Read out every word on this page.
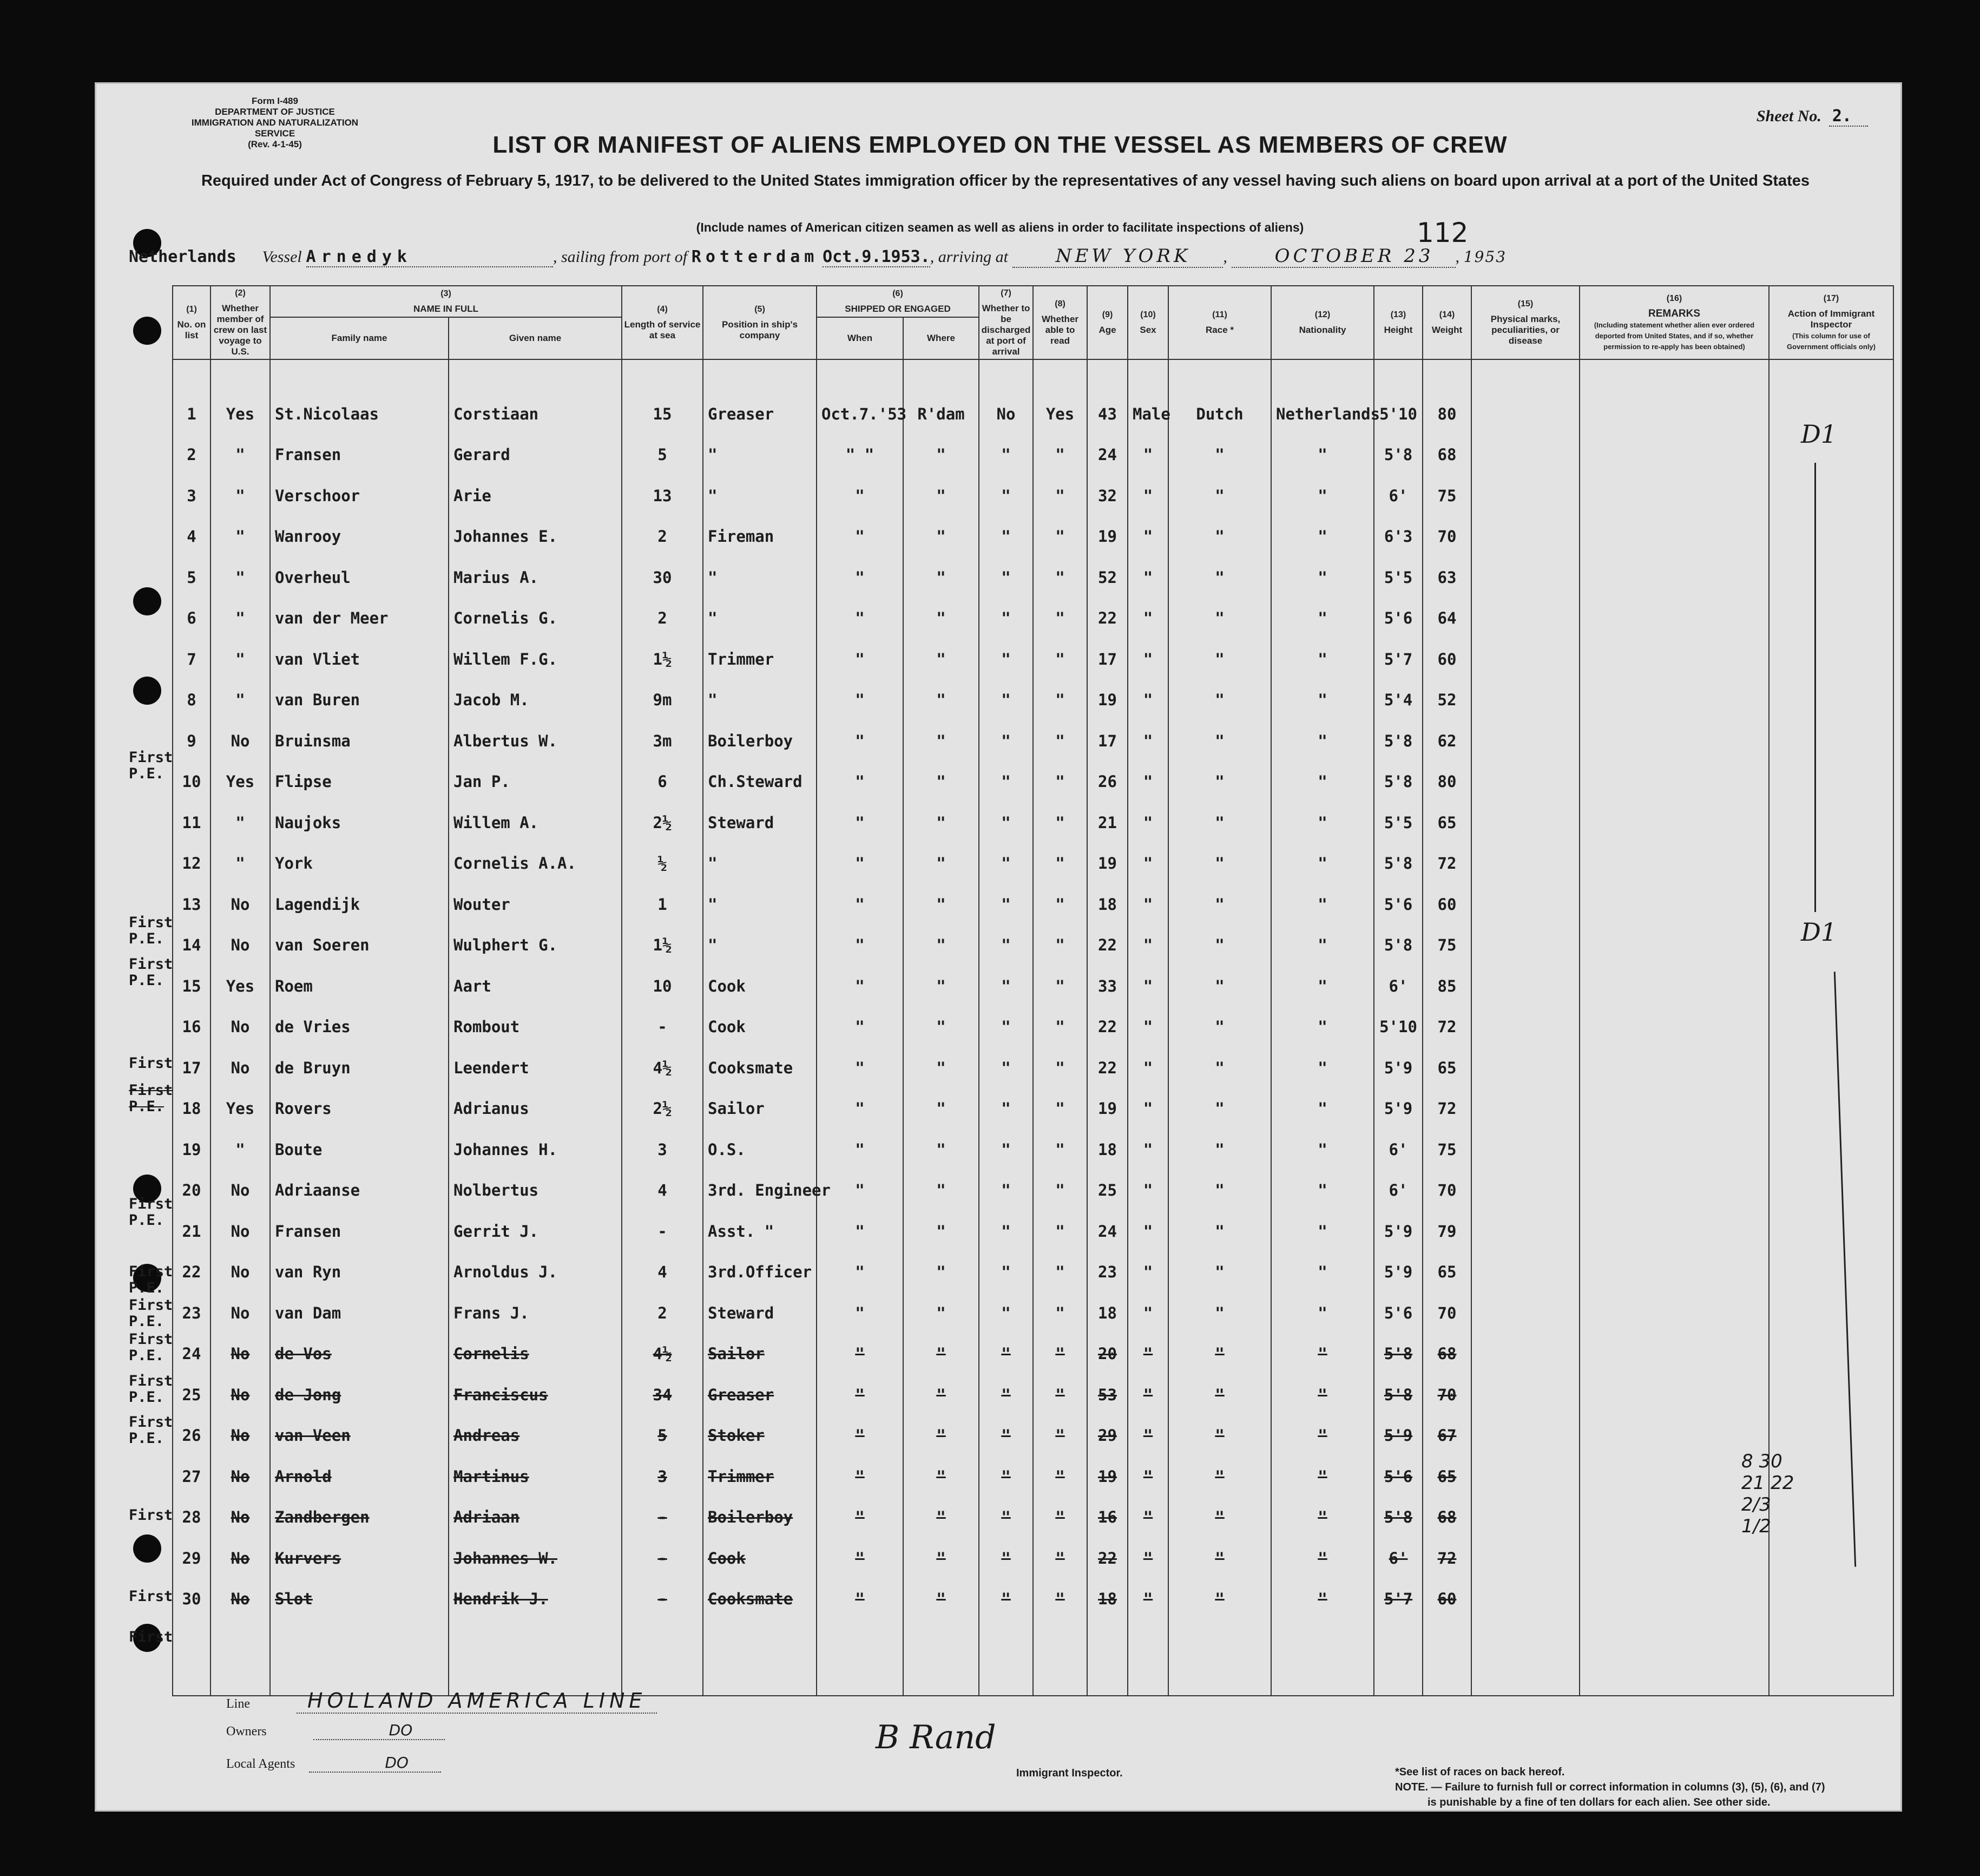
Form I-489
DEPARTMENT OF JUSTICE
IMMIGRATION AND NATURALIZATION SERVICE
(Rev. 4-1-45)
Sheet No. 2.
LIST OR MANIFEST OF ALIENS EMPLOYED ON THE VESSEL AS MEMBERS OF CREW
Required under Act of Congress of February 5, 1917, to be delivered to the United States immigration officer by the representatives of any vessel having such aliens on board upon arrival at a port of the United States
(Include names of American citizen seamen as well as aliens in order to facilitate inspections of aliens)	112
Netherlands Vessel Arnedyk	, sailing from port of Rotterdam Oct.9.1953., arriving at	NEW YORK ,	OCTOBER 23 , 1953
(1)
No. on list	(2)
Whether member of crew on last voyage to U.S.	(3)
NAME IN FULL		(4)
Length of service at sea	(5)
Position in ship's company	(6)
SHIPPED OR ENGAGED		(7)
Whether to be discharged at port of arrival	(8)
Whether able to read	(9)
Age	(10)
Sex	(11)
Race *	(12)
Nationality	(13)
Height	(14)
Weight	(15)
Physical marks, peculiarities, or disease	(16)
REMARKS
(Including statement whether alien ever ordered deported from United States, and if so, whether permission to re-apply has been obtained)	(17)
Action of Immigrant Inspector
(This column for use of Government officials only)
		Family name	Given name			When	Where											

1	Yes	St.Nicolaas	Corstiaan	15	Greaser	Oct.7.'53	R'dam	No	Yes	43	Male	Dutch	Netherlands	5'10	80			
2	"	Fransen	Gerard	5	"	" "	"	"	"	24	"	"	"	5'8	68			
3	"	Verschoor	Arie	13	"	"	"	"	"	32	"	"	"	6'	75			
4	"	Wanrooy	Johannes E.	2	Fireman	"	"	"	"	19	"	"	"	6'3	70			
5	"	Overheul	Marius A.	30	"	"	"	"	"	52	"	"	"	5'5	63			
6	"	van der Meer	Cornelis G.	2	"	"	"	"	"	22	"	"	"	5'6	64			
7	"	van Vliet	Willem F.G.	1½	Trimmer	"	"	"	"	17	"	"	"	5'7	60			
8	"	van Buren	Jacob M.	9m	"	"	"	"	"	19	"	"	"	5'4	52			
9	No	Bruinsma	Albertus W.	3m	Boilerboy	"	"	"	"	17	"	"	"	5'8	62			
10	Yes	Flipse	Jan P.	6	Ch.Steward	"	"	"	"	26	"	"	"	5'8	80			
11	"	Naujoks	Willem A.	2½	Steward	"	"	"	"	21	"	"	"	5'5	65			
12	"	York	Cornelis A.A.	½	"	"	"	"	"	19	"	"	"	5'8	72			
13	No	Lagendijk	Wouter	1	"	"	"	"	"	18	"	"	"	5'6	60			
14	No	van Soeren	Wulphert G.	1½	"	"	"	"	"	22	"	"	"	5'8	75			
15	Yes	Roem	Aart	10	Cook	"	"	"	"	33	"	"	"	6'	85			
16	No	de Vries	Rombout	-	Cook	"	"	"	"	22	"	"	"	5'10	72			
17	No	de Bruyn	Leendert	4½	Cooksmate	"	"	"	"	22	"	"	"	5'9	65			
18	Yes	Rovers	Adrianus	2½	Sailor	"	"	"	"	19	"	"	"	5'9	72			
19	"	Boute	Johannes H.	3	O.S.	"	"	"	"	18	"	"	"	6'	75			
20	No	Adriaanse	Nolbertus	4	3rd. Engineer	"	"	"	"	25	"	"	"	6'	70			
21	No	Fransen	Gerrit J.	-	Asst. "	"	"	"	"	24	"	"	"	5'9	79			
22	No	van Ryn	Arnoldus J.	4	3rd.Officer	"	"	"	"	23	"	"	"	5'9	65			
23	No	van Dam	Frans J.	2	Steward	"	"	"	"	18	"	"	"	5'6	70			
24	No	de Vos	Cornelis	4½	Sailor	"	"	"	"	20	"	"	"	5'8	68			
25	No	de Jong	Franciscus	34	Greaser	"	"	"	"	53	"	"	"	5'8	70			
26	No	van Veen	Andreas	5	Stoker	"	"	"	"	29	"	"	"	5'9	67			
27	No	Arnold	Martinus	3	Trimmer	"	"	"	"	19	"	"	"	5'6	65			
28	No	Zandbergen	Adriaan	-	Boilerboy	"	"	"	"	16	"	"	"	5'8	68			
29	No	Kurvers	Johannes W.	-	Cook	"	"	"	"	22	"	"	"	6'	72			
30	No	Slot	Hendrik J.	-	Cooksmate	"	"	"	"	18	"	"	"	5'7	60			

First
P.E.
First
P.E.
First
P.E.
First
First
P.E.
First
P.E.
First
P.E.
First
P.E.
First
P.E.
First
P.E.
First
P.E.
First
First
First
D1
D1
8 30
21 22
2/3
1/2
Line	HOLLAND AMERICA LINE
Owners	DO
Local Agents	DO
B Rand
Immigrant Inspector.	*See list of races on back hereof.
NOTE. — Failure to furnish full or correct information in columns (3), (5), (6), and (7)
is punishable by a fine of ten dollars for each alien. See other side.
